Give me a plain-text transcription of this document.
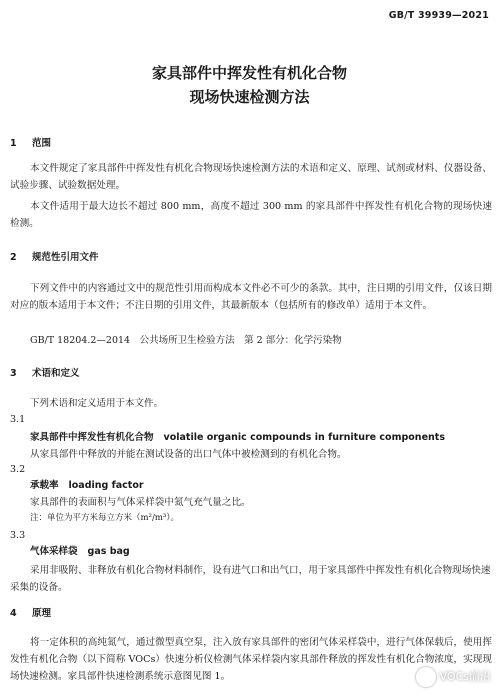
GB/T 39939—2021
家具部件中挥发性有机化合物
现场快速检测方法
1 范围

本文件规定了家具部件中挥发性有机化合物现场快速检测方法的术语和定义、原理、试剂或材料、仪器设备、试验步骤、试验数据处理。

本文件适用于最大边长不超过 800 mm，高度不超过 300 mm 的家具部件中挥发性有机化合物的现场快速检测。

2 规范性引用文件

下列文件中的内容通过文中的规范性引用而构成本文件必不可少的条款。其中，注日期的引用文件，仅该日期对应的版本适用于本文件；不注日期的引用文件，其最新版本（包括所有的修改单）适用于本文件。

GB/T 18204.2—2014　公共场所卫生检验方法　第 2 部分：化学污染物
3 术语和定义
下列术语和定义适用于本文件。
3.1
家具部件中挥发性有机化合物 volatile organic compounds in furniture components

从家具部件中释放的并能在测试设备的出口气体中被检测到的有机化合物。

3.2
承载率 loading factor

家具部件的表面积与气体采样袋中氮气充气量之比。

注：单位为平方米每立方米（m²/m³）。
3.3
气体采样袋 gas bag

采用非吸附、非释放有机化合物材料制作，设有进气口和出气口，用于家具部件中挥发性有机化合物现场快速采集的设备。

4 原理

将一定体积的高纯氮气，通过微型真空泵，注入放有家具部件的密闭气体采样袋中，进行气体保载后，使用挥发性有机化合物（以下简称 VOCs）快速分析仪检测气体采样袋内家具部件释放的挥发性有机化合物浓度，实现现场快速检测。家具部件快速检测系统示意图见图 1。	VOCs前沿
